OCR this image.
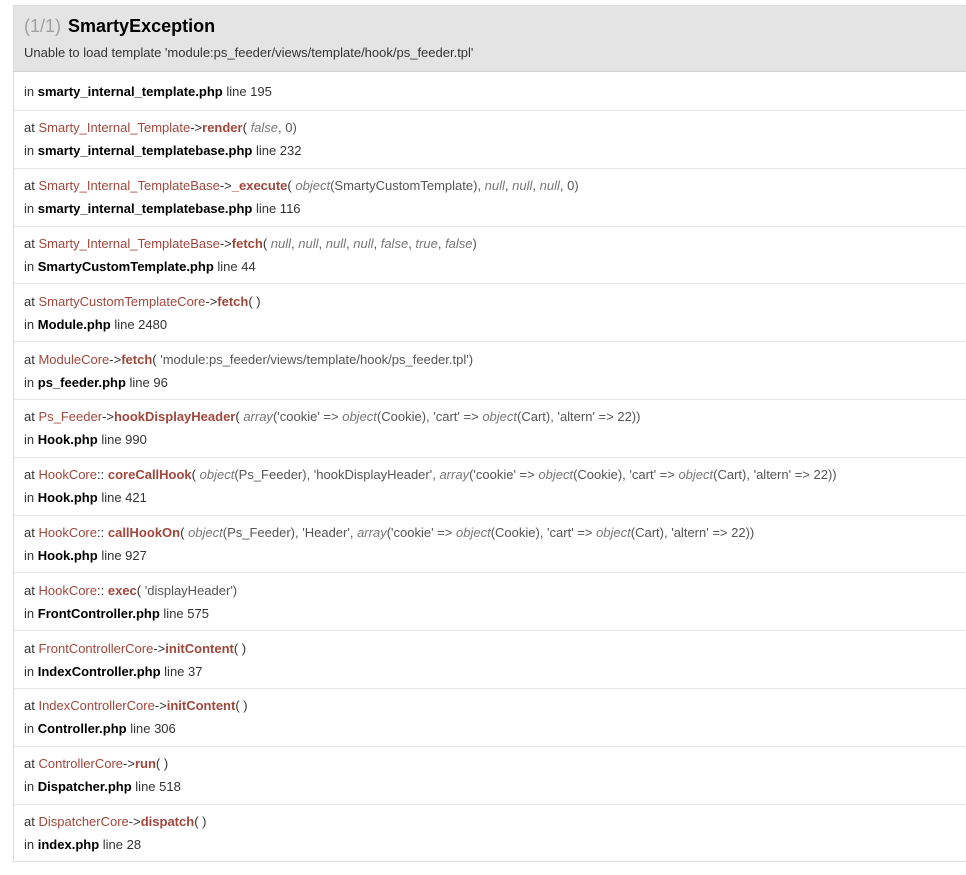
(1/1) SmartyException
Unable to load template 'module:ps_feeder/views/template/hook/ps_feeder.tpl'
in smarty_internal_template.php line 195
at Smarty_Internal_Template->render( false, 0)
in smarty_internal_templatebase.php line 232
at Smarty_Internal_TemplateBase->_execute( object(SmartyCustomTemplate), null, null, null, 0)
in smarty_internal_templatebase.php line 116
at Smarty_Internal_TemplateBase->fetch( null, null, null, null, false, true, false)
in SmartyCustomTemplate.php line 44
at SmartyCustomTemplateCore->fetch( )
in Module.php line 2480
at ModuleCore->fetch( 'module:ps_feeder/views/template/hook/ps_feeder.tpl')
in ps_feeder.php line 96
at Ps_Feeder->hookDisplayHeader( array('cookie' => object(Cookie), 'cart' => object(Cart), 'altern' => 22))
in Hook.php line 990
at HookCore:: coreCallHook( object(Ps_Feeder), 'hookDisplayHeader', array('cookie' => object(Cookie), 'cart' => object(Cart), 'altern' => 22))
in Hook.php line 421
at HookCore:: callHookOn( object(Ps_Feeder), 'Header', array('cookie' => object(Cookie), 'cart' => object(Cart), 'altern' => 22))
in Hook.php line 927
at HookCore:: exec( 'displayHeader')
in FrontController.php line 575
at FrontControllerCore->initContent( )
in IndexController.php line 37
at IndexControllerCore->initContent( )
in Controller.php line 306
at ControllerCore->run( )
in Dispatcher.php line 518
at DispatcherCore->dispatch( )
in index.php line 28
